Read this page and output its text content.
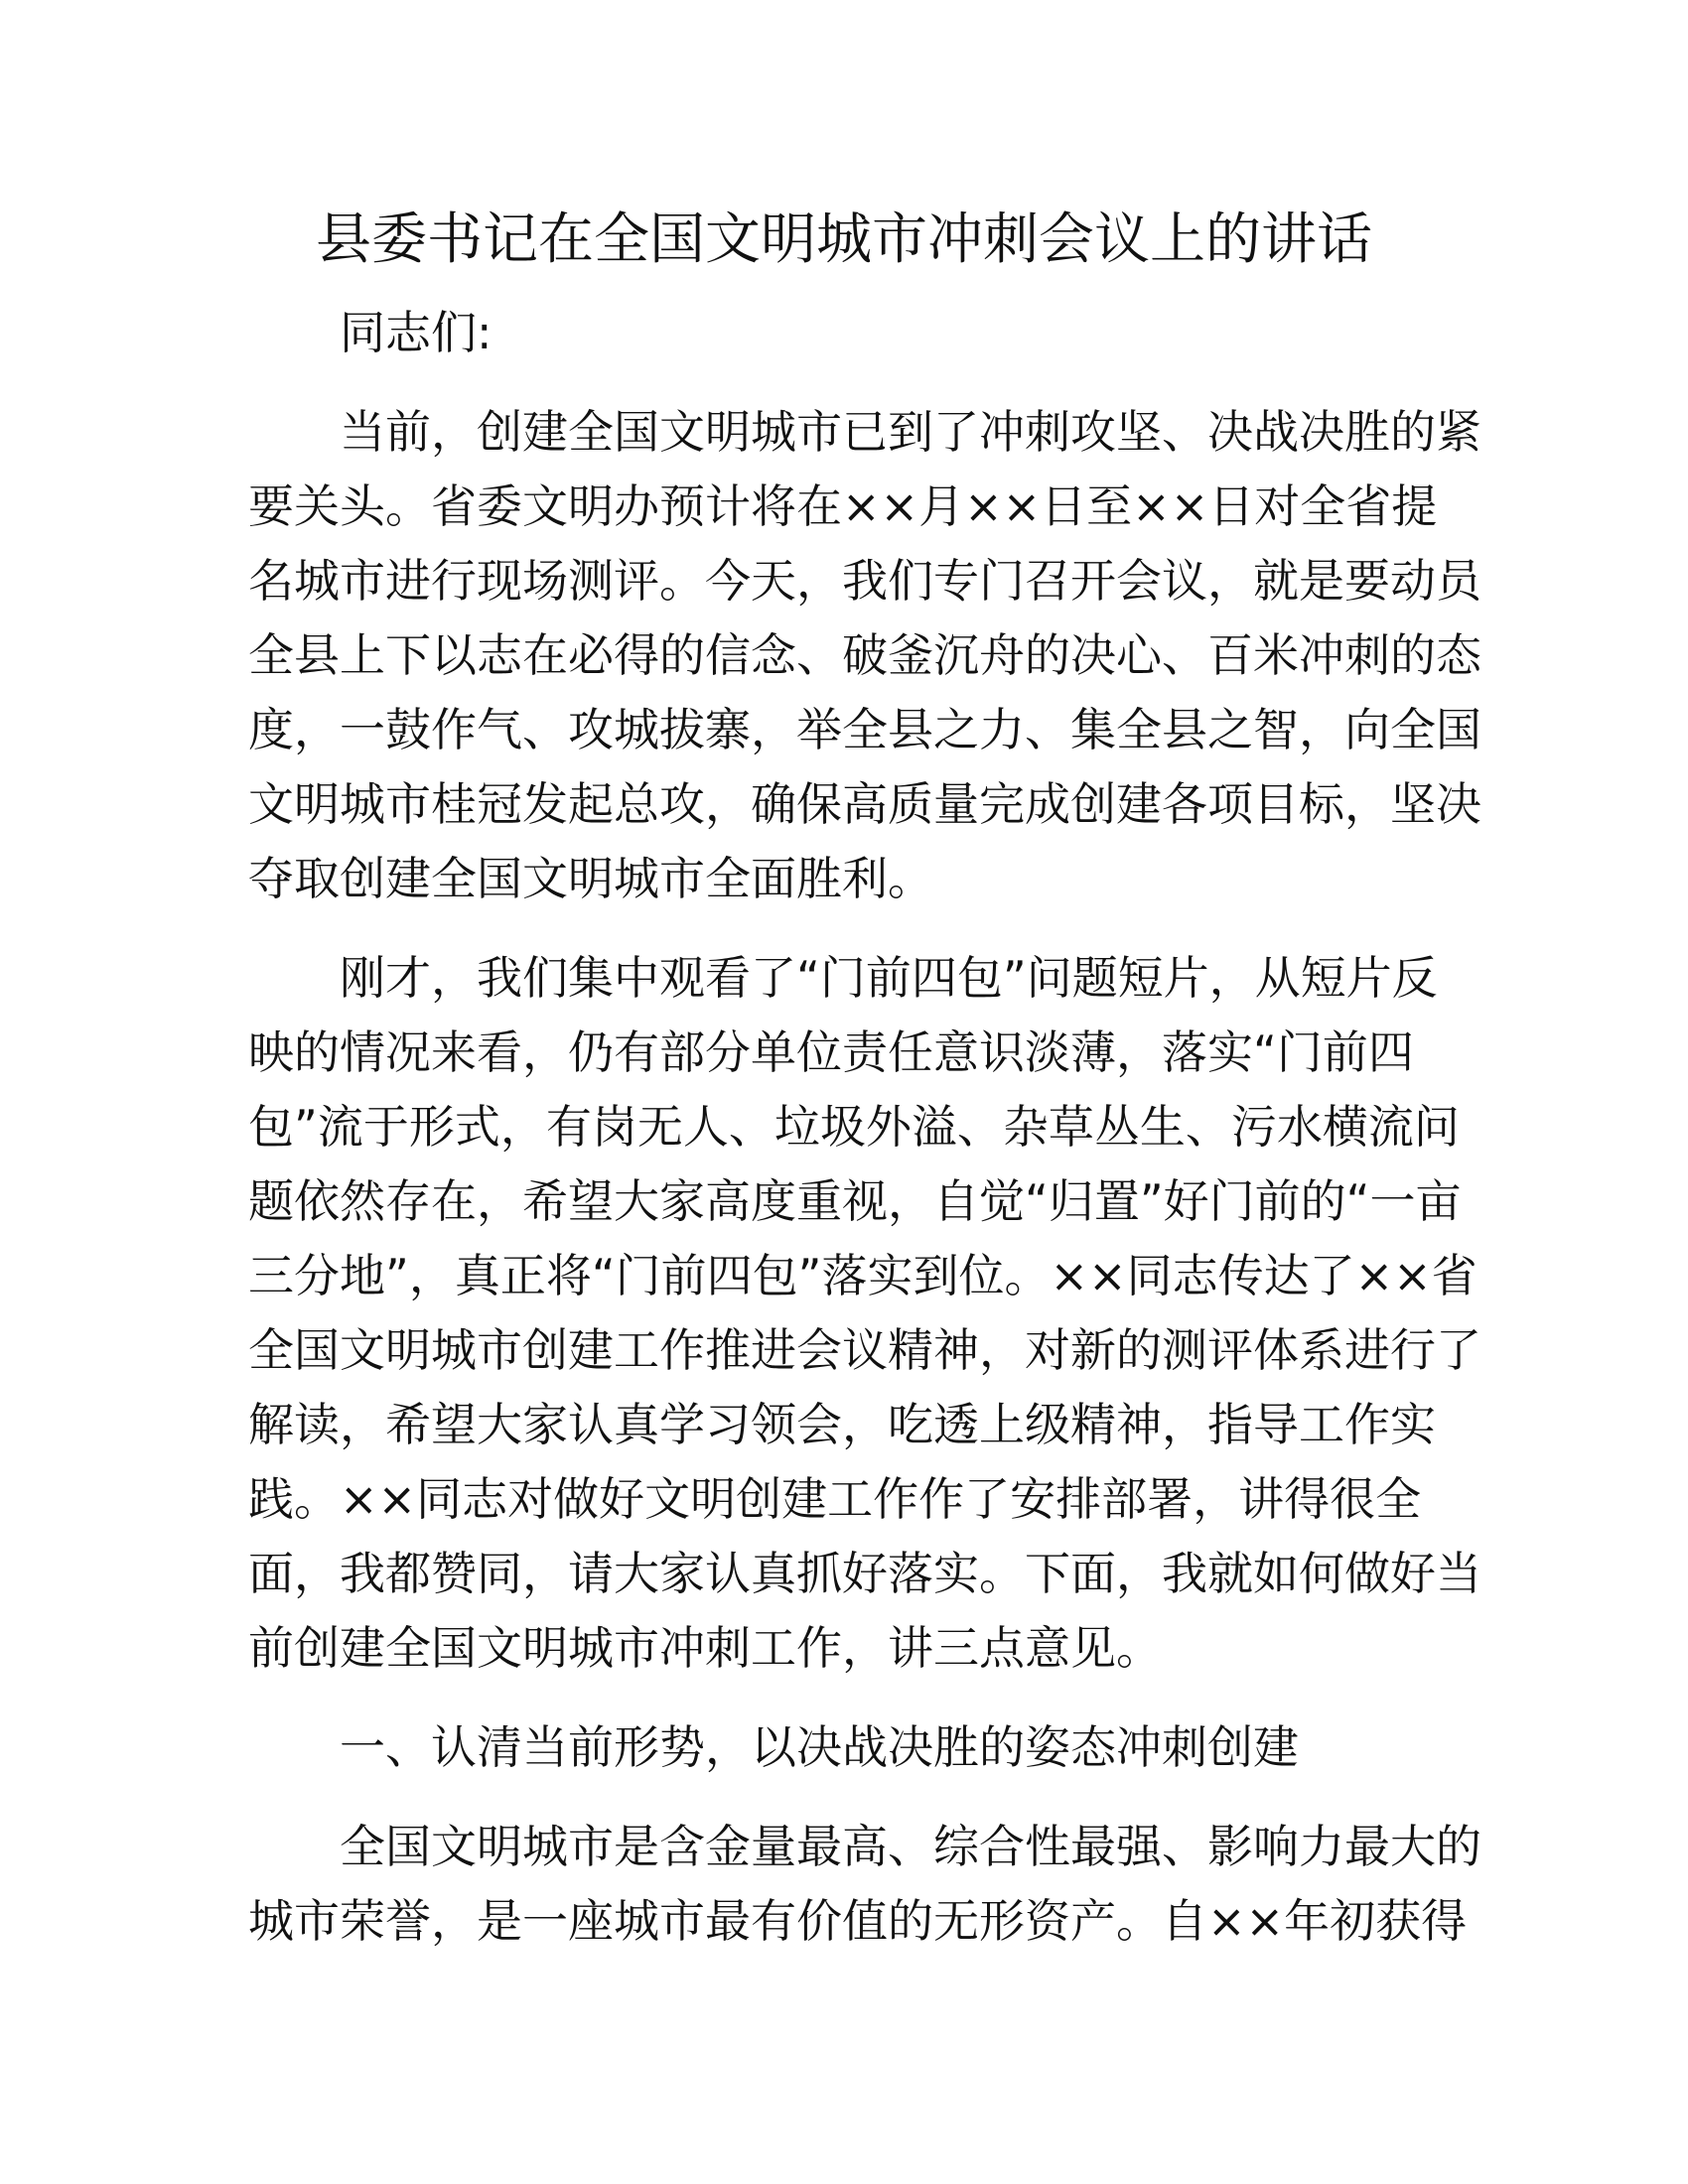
县委书记在全国文明城市冲刺会议上的讲话

同志们:

当前，创建全国文明城市已到了冲刺攻坚、决战决胜的紧
要关头。省委文明办预计将在××月××日至××日对全省提
名城市进行现场测评。今天，我们专门召开会议，就是要动员
全县上下以志在必得的信念、破釜沉舟的决心、百米冲刺的态
度，一鼓作气、攻城拔寨，举全县之力、集全县之智，向全国
文明城市桂冠发起总攻，确保高质量完成创建各项目标，坚决
夺取创建全国文明城市全面胜利。

刚才，我们集中观看了“门前四包”问题短片，从短片反
映的情况来看，仍有部分单位责任意识淡薄，落实“门前四
包”流于形式，有岗无人、垃圾外溢、杂草丛生、污水横流问
题依然存在，希望大家高度重视，自觉“归置”好门前的“一亩
三分地”，真正将“门前四包”落实到位。××同志传达了××省
全国文明城市创建工作推进会议精神，对新的测评体系进行了
解读，希望大家认真学习领会，吃透上级精神，指导工作实
践。××同志对做好文明创建工作作了安排部署，讲得很全
面，我都赞同，请大家认真抓好落实。下面，我就如何做好当
前创建全国文明城市冲刺工作，讲三点意见。

一、认清当前形势，以决战决胜的姿态冲刺创建

全国文明城市是含金量最高、综合性最强、影响力最大的
城市荣誉，是一座城市最有价值的无形资产。自××年初获得
